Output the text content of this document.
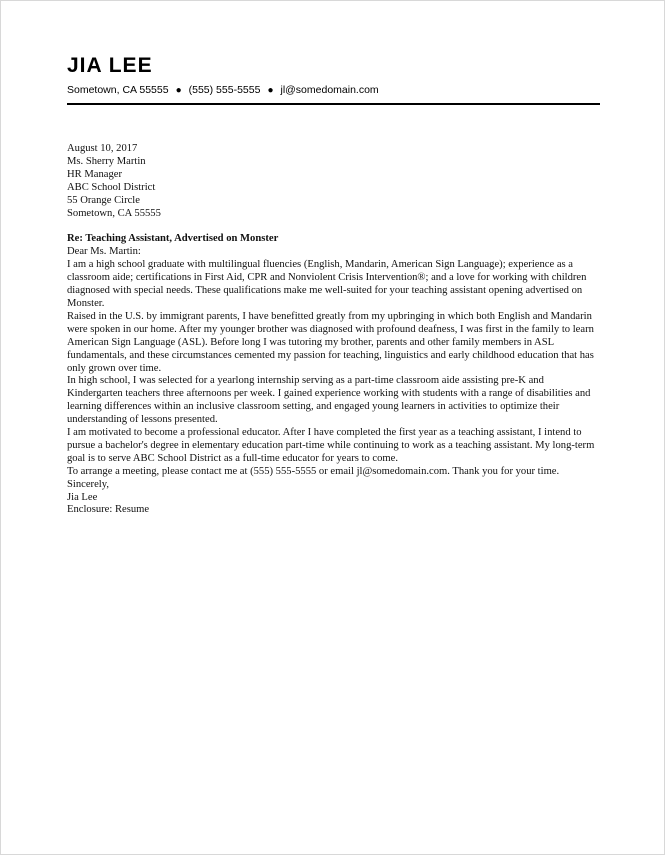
JIA LEE
Sometown, CA 55555 ● (555) 555-5555 ● jl@somedomain.com

August 10, 2017

Ms. Sherry Martin
HR Manager
ABC School District
55 Orange Circle
Sometown, CA 55555

Re: Teaching Assistant, Advertised on Monster

Dear Ms. Martin:

I am a high school graduate with multilingual fluencies (English, Mandarin, American Sign Language); experience as a classroom aide; certifications in First Aid, CPR and Nonviolent Crisis Intervention®; and a love for working with children diagnosed with special needs. These qualifications make me well-suited for your teaching assistant opening advertised on Monster.

Raised in the U.S. by immigrant parents, I have benefitted greatly from my upbringing in which both English and Mandarin were spoken in our home. After my younger brother was diagnosed with profound deafness, I was first in the family to learn American Sign Language (ASL). Before long I was tutoring my brother, parents and other family members in ASL fundamentals, and these circumstances cemented my passion for teaching, linguistics and early childhood education that has only grown over time.

In high school, I was selected for a yearlong internship serving as a part-time classroom aide assisting pre-K and Kindergarten teachers three afternoons per week. I gained experience working with students with a range of disabilities and learning differences within an inclusive classroom setting, and engaged young learners in activities to optimize their understanding of lessons presented.

I am motivated to become a professional educator. After I have completed the first year as a teaching assistant, I intend to pursue a bachelor's degree in elementary education part-time while continuing to work as a teaching assistant. My long-term goal is to serve ABC School District as a full-time educator for years to come.

To arrange a meeting, please contact me at (555) 555-5555 or email jl@somedomain.com. Thank you for your time.

Sincerely,

Jia Lee

Enclosure: Resume
